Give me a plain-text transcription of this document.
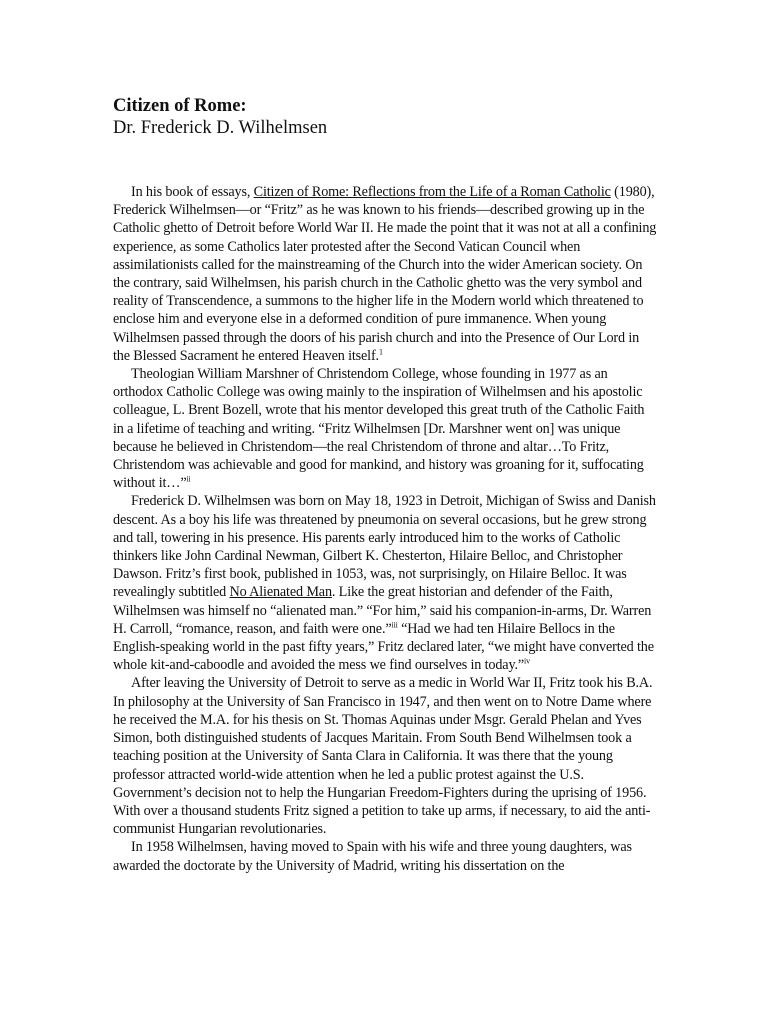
Citizen of Rome:
Dr. Frederick D. Wilhelmsen

In his book of essays, Citizen of Rome: Reflections from the Life of a Roman Catholic (1980), Frederick Wilhelmsen—or “Fritz” as he was known to his friends—described growing up in the Catholic ghetto of Detroit before World War II. He made the point that it was not at all a confining experience, as some Catholics later protested after the Second Vatican Council when assimilationists called for the mainstreaming of the Church into the wider American society. On the contrary, said Wilhelmsen, his parish church in the Catholic ghetto was the very symbol and reality of Transcendence, a summons to the higher life in the Modern world which threatened to enclose him and everyone else in a deformed condition of pure immanence. When young Wilhelmsen passed through the doors of his parish church and into the Presence of Our Lord in the Blessed Sacrament he entered Heaven itself.$^1$

Theologian William Marshner of Christendom College, whose founding in 1977 as an orthodox Catholic College was owing mainly to the inspiration of Wilhelmsen and his apostolic colleague, L. Brent Bozell, wrote that his mentor developed this great truth of the Catholic Faith in a lifetime of teaching and writing. “Fritz Wilhelmsen [Dr. Marshner went on] was unique because he believed in Christendom—the real Christendom of throne and altar…To Fritz, Christendom was achievable and good for mankind, and history was groaning for it, suffocating without it…”$^{ii}$

Frederick D. Wilhelmsen was born on May 18, 1923 in Detroit, Michigan of Swiss and Danish descent. As a boy his life was threatened by pneumonia on several occasions, but he grew strong and tall, towering in his presence. His parents early introduced him to the works of Catholic thinkers like John Cardinal Newman, Gilbert K. Chesterton, Hilaire Belloc, and Christopher Dawson. Fritz’s first book, published in 1053, was, not surprisingly, on Hilaire Belloc. It was revealingly subtitled No Alienated Man. Like the great historian and defender of the Faith, Wilhelmsen was himself no “alienated man.” “For him,” said his companion-in-arms, Dr. Warren H. Carroll, “romance, reason, and faith were one.”$^{iii}$ “Had we had ten Hilaire Bellocs in the English-speaking world in the past fifty years,” Fritz declared later, “we might have converted the whole kit-and-caboodle and avoided the mess we find ourselves in today.”$^{iv}$

After leaving the University of Detroit to serve as a medic in World War II, Fritz took his B.A. In philosophy at the University of San Francisco in 1947, and then went on to Notre Dame where he received the M.A. for his thesis on St. Thomas Aquinas under Msgr. Gerald Phelan and Yves Simon, both distinguished students of Jacques Maritain. From South Bend Wilhelmsen took a teaching position at the University of Santa Clara in California. It was there that the young professor attracted world-wide attention when he led a public protest against the U.S. Government’s decision not to help the Hungarian Freedom-Fighters during the uprising of 1956. With over a thousand students Fritz signed a petition to take up arms, if necessary, to aid the anti-communist Hungarian revolutionaries.

In 1958 Wilhelmsen, having moved to Spain with his wife and three young daughters, was awarded the doctorate by the University of Madrid, writing his dissertation on the
